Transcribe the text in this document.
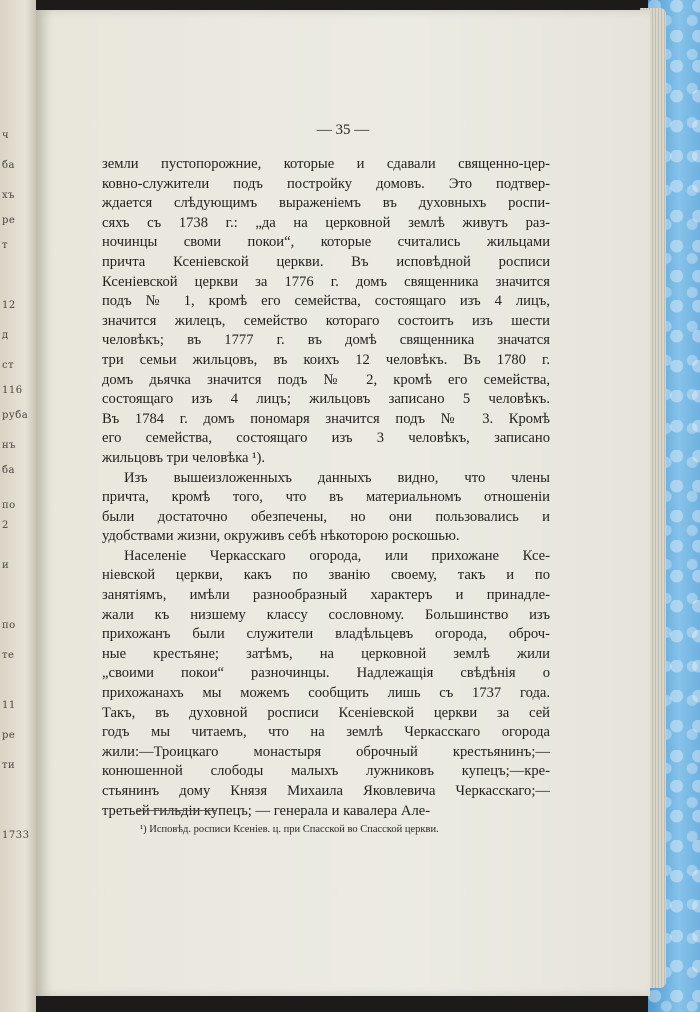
ч
ба
хъ
ре
т
12
д
ст
116
руба
нъ
ба
по
2
и
по
те
11
ре
ти
1733
— 35 —

земли пустопорожние, которые и сдавали священно-цер-

ковно-служители подъ постройку домовъ. Это подтвер-

ждается слѣдующимъ выраженіемъ въ духовныхъ роспи-

сяхъ съ 1738 г.: „да на церковной землѣ живутъ раз-

ночинцы своми покои“, которые считались жильцами

причта Ксеніевской церкви. Въ исповѣдной росписи

Ксеніевской церкви за 1776 г. домъ священника значится

подъ № 1, кромѣ его семейства, состоящаго изъ 4 лицъ,

значится жилецъ, семейство котораго состоитъ изъ шести

человѣкъ; въ 1777 г. въ домѣ священника значатся

три семьи жильцовъ, въ коихъ 12 человѣкъ. Въ 1780 г.

домъ дьячка значится подъ № 2, кромѣ его семейства,

состоящаго изъ 4 лицъ; жильцовъ записано 5 человѣкъ.

Въ 1784 г. домъ пономаря значится подъ № 3. Кромѣ

его семейства, состоящаго изъ 3 человѣкъ, записано

жильцовъ три человѣка ¹).

Изъ вышеизложенныхъ данныхъ видно, что члены

причта, кромѣ того, что въ материальномъ отношеніи

были достаточно обезпечены, но они пользовались и

удобствами жизни, окруживъ себѣ нѣкоторою роскошью.

Населеніе Черкасскаго огорода, или прихожане Ксе-

ніевской церкви, какъ по званію своему, такъ и по

занятіямъ, имѣли разнообразный характеръ и принадле-

жали къ низшему классу сословному. Большинство изъ

прихожанъ были служители владѣльцевъ огорода, оброч-

ные крестьяне; затѣмъ, на церковной землѣ жили

„своими покои“ разночинцы. Надлежащія свѣдѣнія о

прихожанахъ мы можемъ сообщить лишь съ 1737 года.

Такъ, въ духовной росписи Ксеніевской церкви за сей

годъ мы читаемъ, что на землѣ Черкасскаго огорода

жили:—Троицкаго монастыря оброчный крестьянинъ;—

конюшенной слободы малыхъ лужниковъ купецъ;—кре-

стьянинъ дому Князя Михаила Яковлевича Черкасскаго;—

третьей гильдіи купецъ; — генерала и кавалера Але-

¹) Исповѣд. росписи Ксеніев. ц. при Спасской во Спасской церкви.
